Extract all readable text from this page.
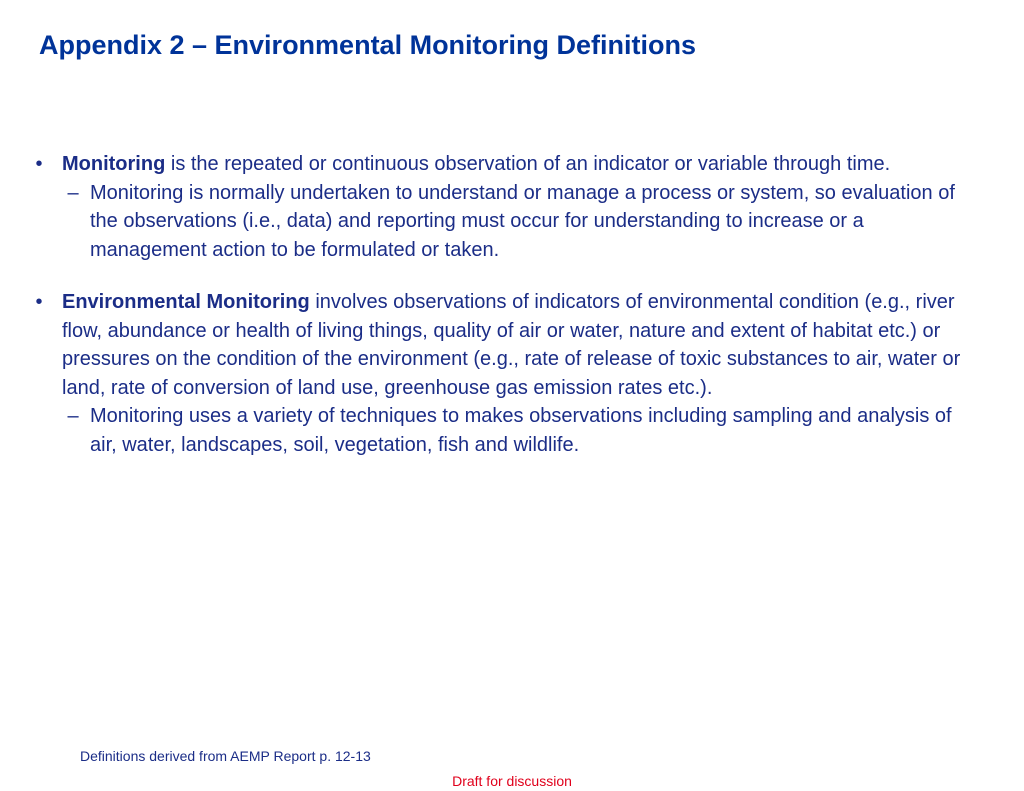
Appendix 2 – Environmental Monitoring Definitions
• Monitoring is the repeated or continuous observation of an indicator or variable through time.
– Monitoring is normally undertaken to understand or manage a process or system, so evaluation of the observations (i.e., data) and reporting must occur for understanding to increase or a management action to be formulated or taken.
• Environmental Monitoring involves observations of indicators of environmental condition (e.g., river flow, abundance or health of living things, quality of air or water, nature and extent of habitat etc.) or pressures on the condition of the environment (e.g., rate of release of toxic substances to air, water or land, rate of conversion of land use, greenhouse gas emission rates etc.).
– Monitoring uses a variety of techniques to makes observations including sampling and analysis of air, water, landscapes, soil, vegetation, fish and wildlife.
Definitions derived from AEMP Report p. 12-13
Draft for discussion
